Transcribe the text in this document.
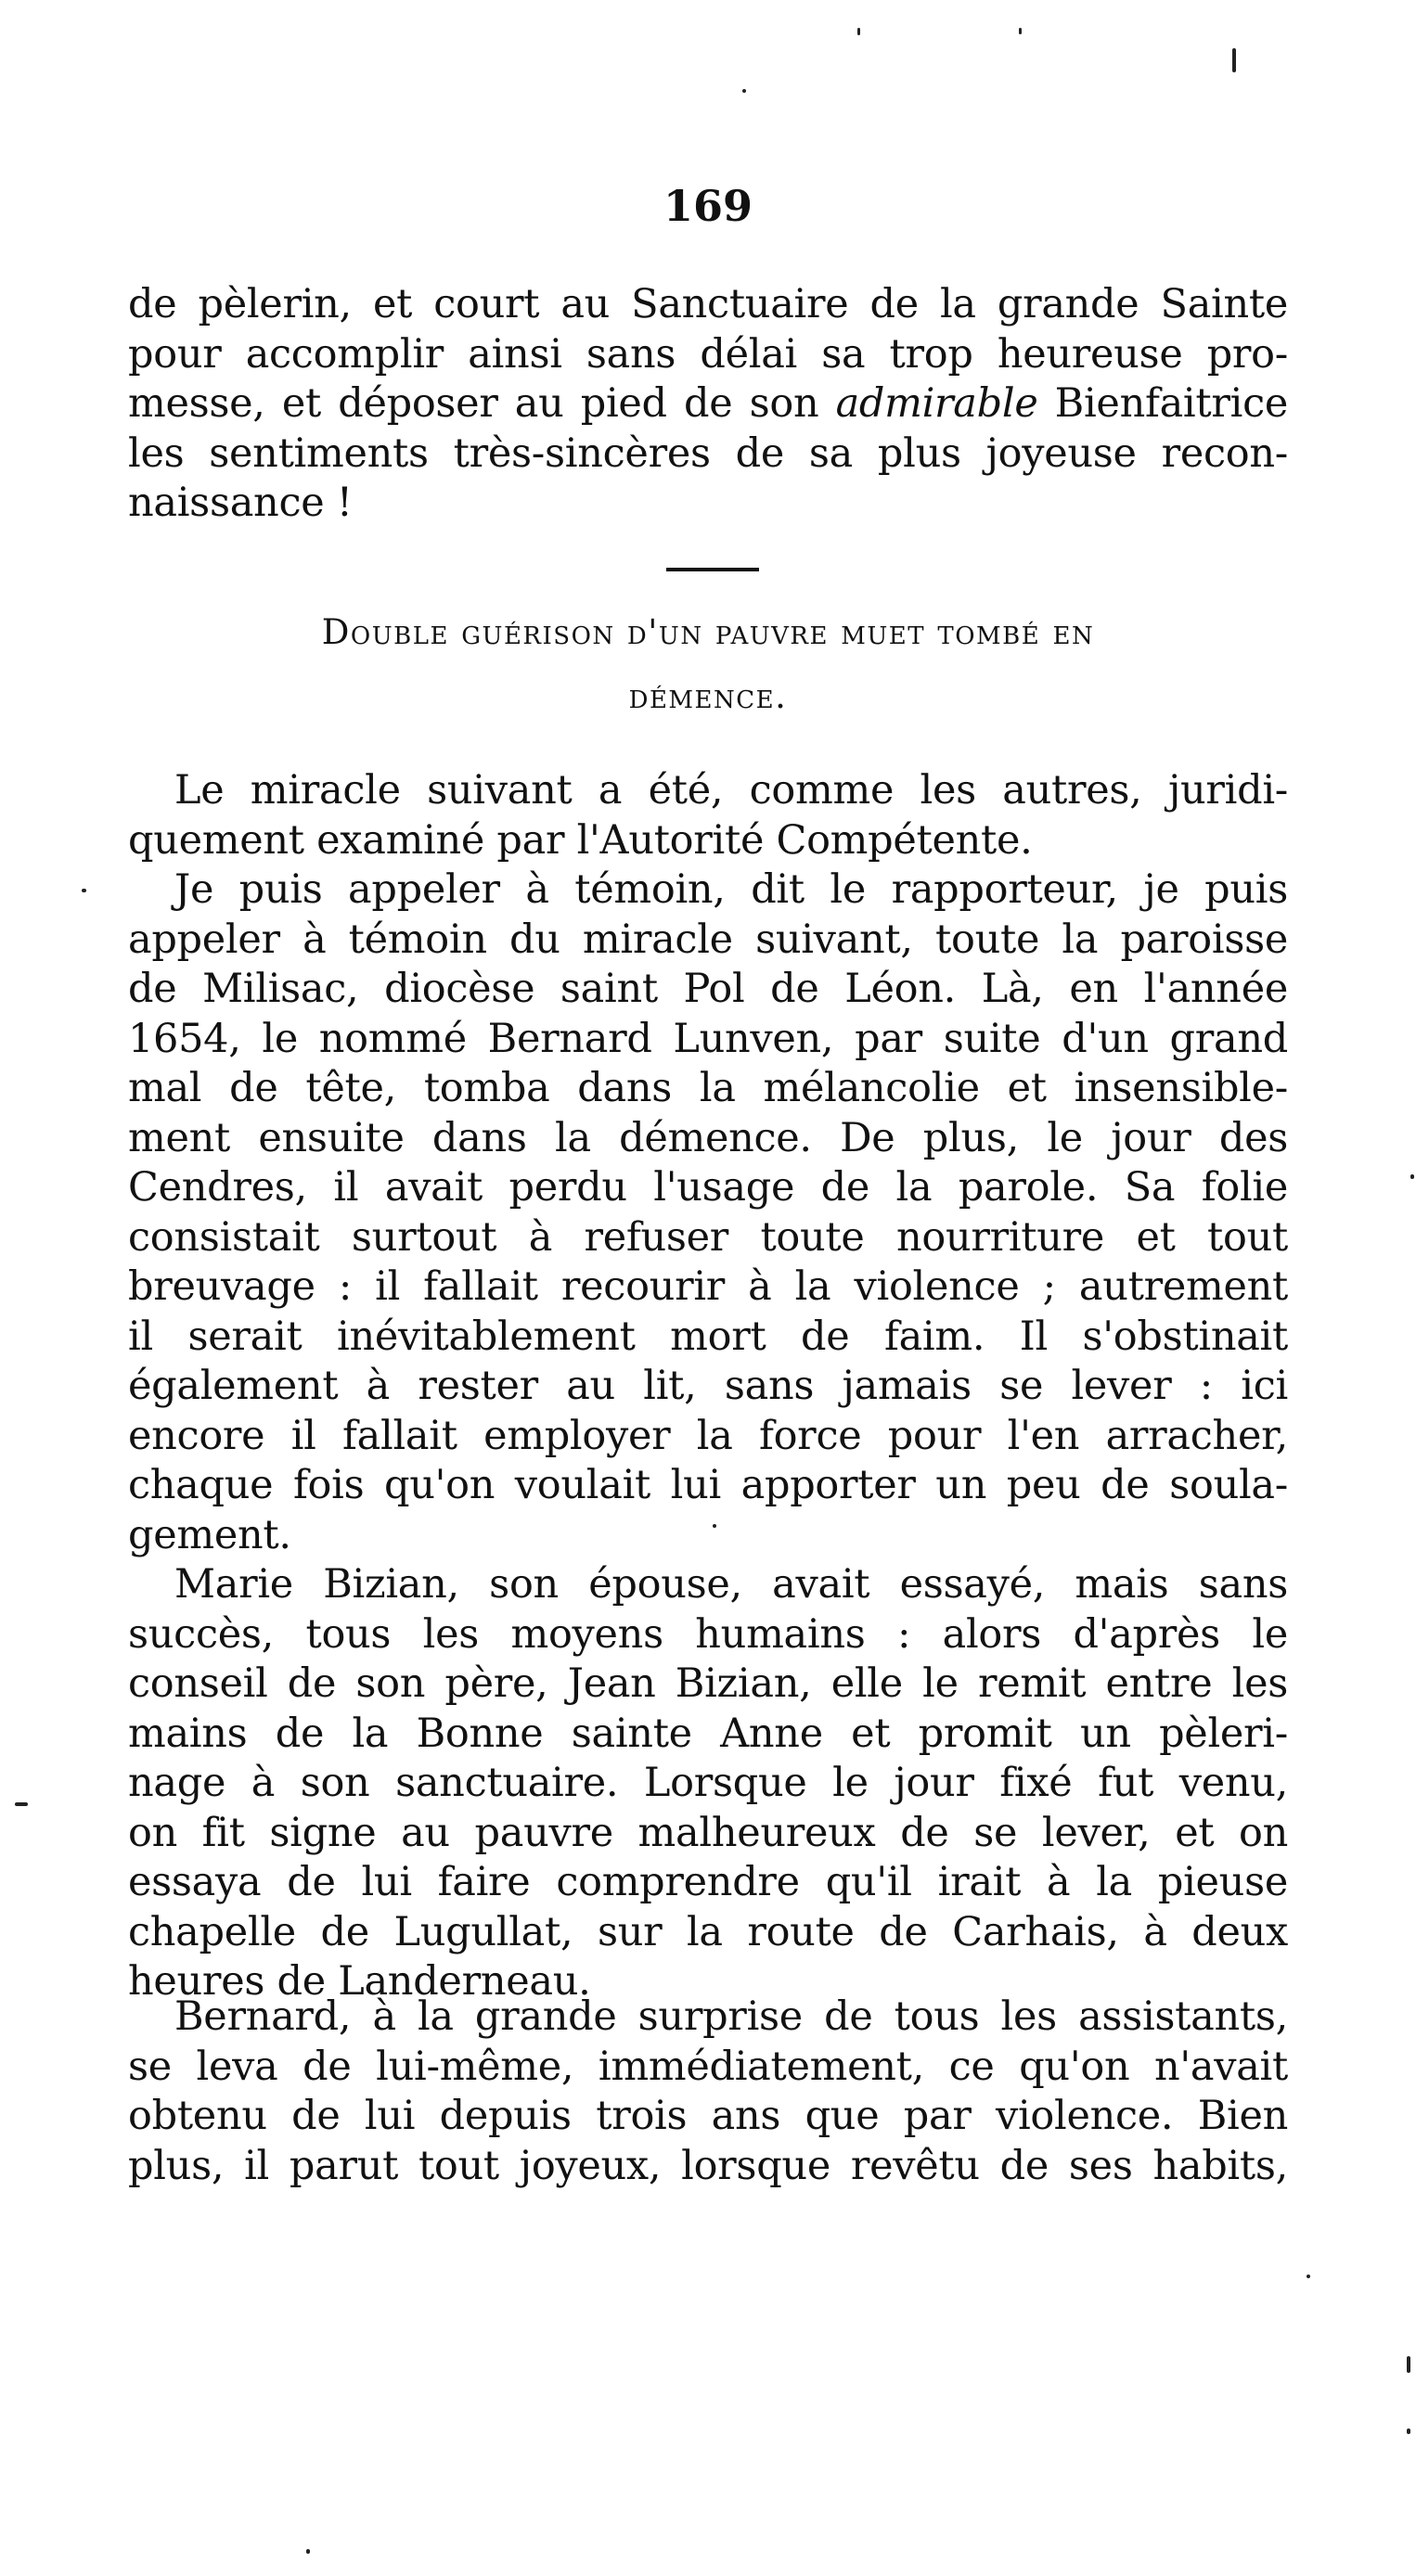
169
de pèlerin, et court au Sanctuaire de la grande Sainte
pour accomplir ainsi sans délai sa trop heureuse pro-
messe, et déposer au pied de son admirable Bienfaitrice
les sentiments très-sincères de sa plus joyeuse recon-
naissance !
Double guérison d'un pauvre muet tombé en
démence.
Le miracle suivant a été, comme les autres, juridi-
quement examiné par l'Autorité Compétente.
Je puis appeler à témoin, dit le rapporteur, je puis
appeler à témoin du miracle suivant, toute la paroisse
de Milisac, diocèse saint Pol de Léon. Là, en l'année
1654, le nommé Bernard Lunven, par suite d'un grand
mal de tête, tomba dans la mélancolie et insensible-
ment ensuite dans la démence. De plus, le jour des
Cendres, il avait perdu l'usage de la parole. Sa folie
consistait surtout à refuser toute nourriture et tout
breuvage : il fallait recourir à la violence ; autrement
il serait inévitablement mort de faim. Il s'obstinait
également à rester au lit, sans jamais se lever : ici
encore il fallait employer la force pour l'en arracher,
chaque fois qu'on voulait lui apporter un peu de soula-
gement.
Marie Bizian, son épouse, avait essayé, mais sans
succès, tous les moyens humains : alors d'après le
conseil de son père, Jean Bizian, elle le remit entre les
mains de la Bonne sainte Anne et promit un pèleri-
nage à son sanctuaire. Lorsque le jour fixé fut venu,
on fit signe au pauvre malheureux de se lever, et on
essaya de lui faire comprendre qu'il irait à la pieuse
chapelle de Lugullat, sur la route de Carhais, à deux
heures de Landerneau.
Bernard, à la grande surprise de tous les assistants,
se leva de lui-même, immédiatement, ce qu'on n'avait
obtenu de lui depuis trois ans que par violence. Bien
plus, il parut tout joyeux, lorsque revêtu de ses habits,
